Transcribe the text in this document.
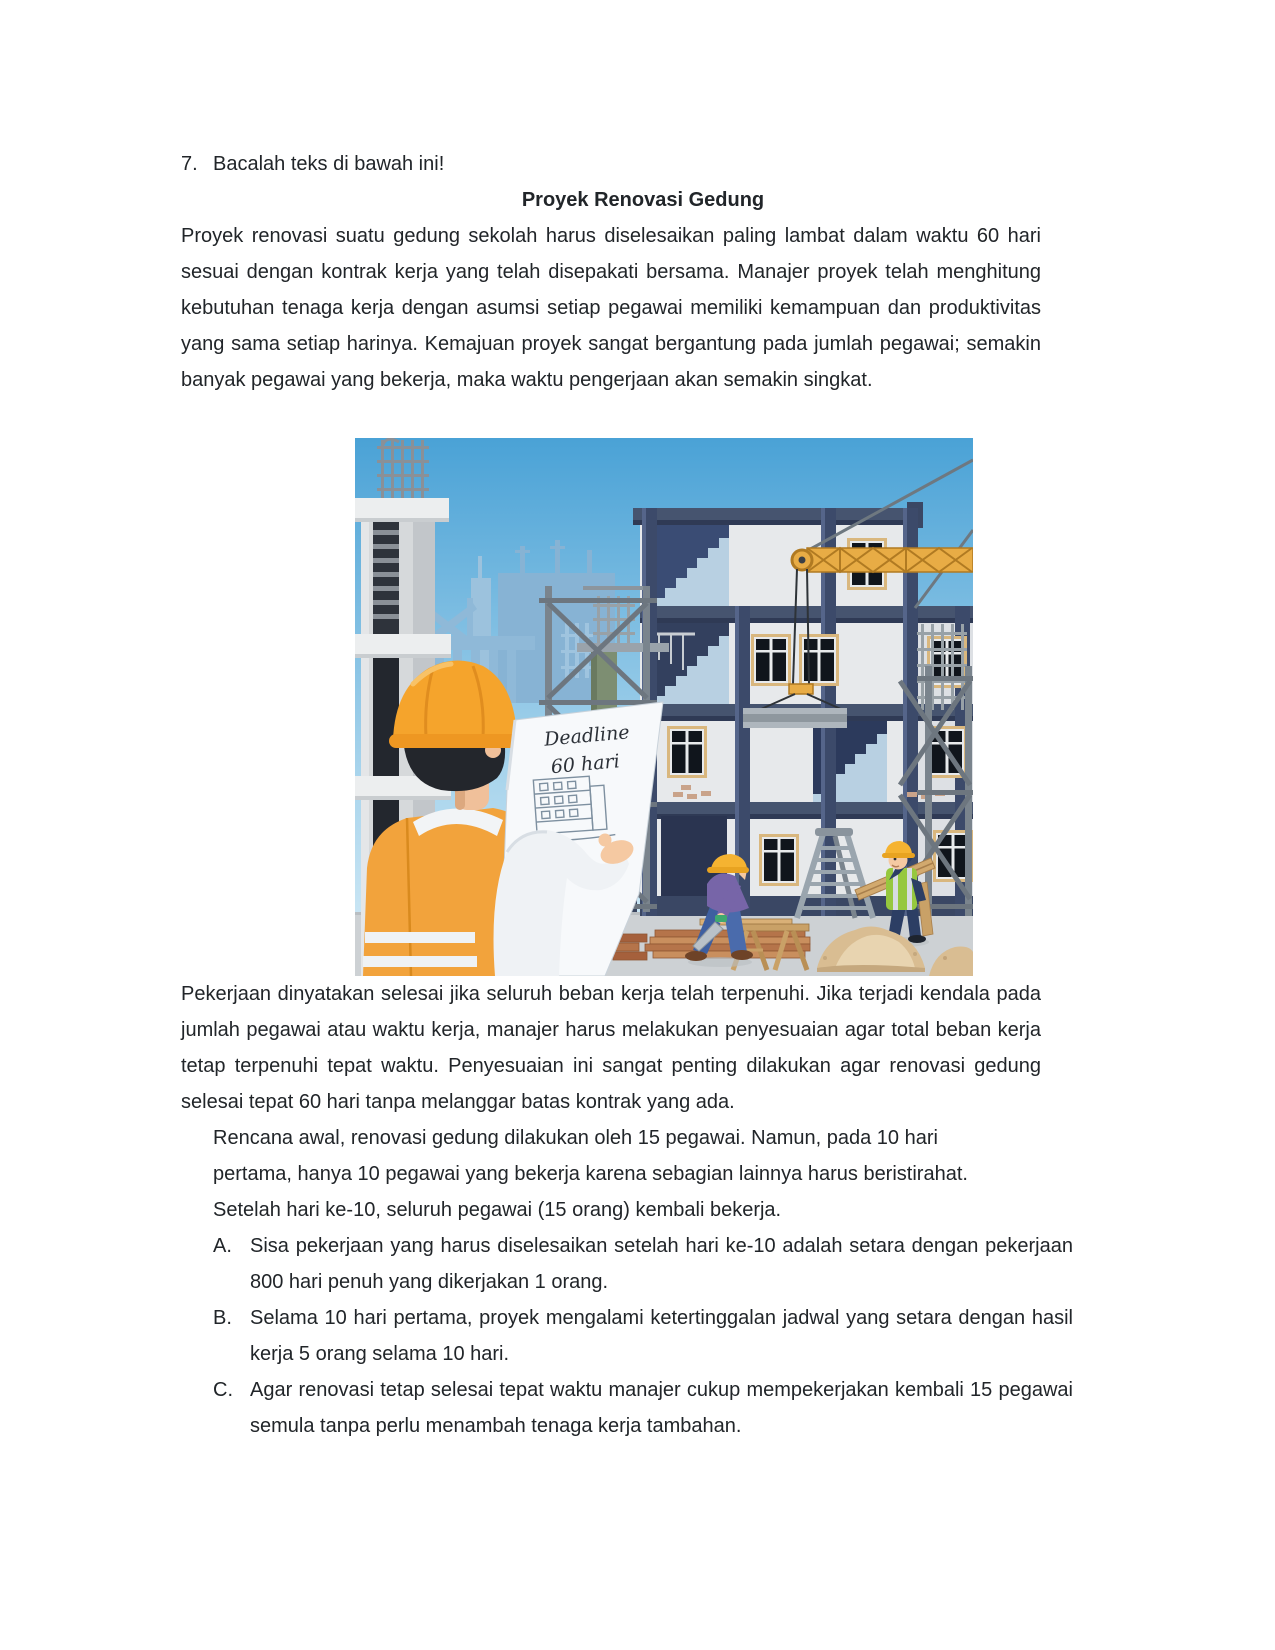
7. Bacalah teks di bawah ini!
Proyek Renovasi Gedung

Proyek renovasi suatu gedung sekolah harus diselesaikan paling lambat dalam waktu 60 hari sesuai dengan kontrak kerja yang telah disepakati bersama. Manajer proyek telah menghitung kebutuhan tenaga kerja dengan asumsi setiap pegawai memiliki kemampuan dan produktivitas yang sama setiap harinya. Kemajuan proyek sangat bergantung pada jumlah pegawai; semakin banyak pegawai yang bekerja, maka waktu pengerjaan akan semakin singkat.

Deadline
60 hari

Pekerjaan dinyatakan selesai jika seluruh beban kerja telah terpenuhi. Jika terjadi kendala pada jumlah pegawai atau waktu kerja, manajer harus melakukan penyesuaian agar total beban kerja tetap terpenuhi tepat waktu. Penyesuaian ini sangat penting dilakukan agar renovasi gedung selesai tepat 60 hari tanpa melanggar batas kontrak yang ada.

Rencana awal, renovasi gedung dilakukan oleh 15 pegawai. Namun, pada 10 hari
pertama, hanya 10 pegawai yang bekerja karena sebagian lainnya harus beristirahat.
Setelah hari ke-10, seluruh pegawai (15 orang) kembali bekerja.
A. Sisa pekerjaan yang harus diselesaikan setelah hari ke-10 adalah setara dengan pekerjaan 800 hari penuh yang dikerjakan 1 orang.
B. Selama 10 hari pertama, proyek mengalami ketertinggalan jadwal yang setara dengan hasil kerja 5 orang selama 10 hari.
C. Agar renovasi tetap selesai tepat waktu manajer cukup mempekerjakan kembali 15 pegawai semula tanpa perlu menambah tenaga kerja tambahan.
